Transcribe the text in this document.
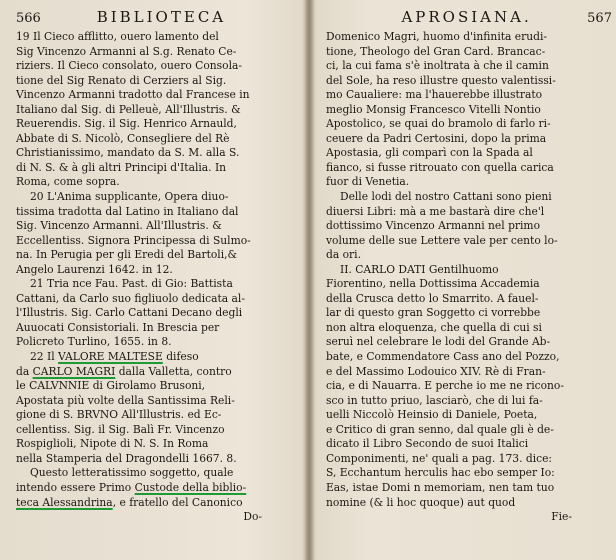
566	BIBLIOTECA
19 Il Cieco afflitto, ouero lamento del
Sig Vincenzo Armanni al S.g. Renato Ce-
riziers. Il Cieco consolato, ouero Consola-
tione del Sig Renato di Cerziers al Sig.
Vincenzo Armanni tradotto dal Francese in
Italiano dal Sig. di Pelleuè, All'Illustris. &
Reuerendis. Sig. il Sig. Henrico Arnauld,
Abbate di S. Nicolò, Consegliere del Rè
Christianissimo, mandato da S. M. alla S.
di N. S. & à gli altri Principi d'Italia. In
Roma, come sopra.
20 L'Anima supplicante, Opera diuo-
tissima tradotta dal Latino in Italiano dal
Sig. Vincenzo Armanni. All'Illustris. &
Eccellentiss. Signora Principessa di Sulmo-
na. In Perugia per gli Eredi del Bartoli,&
Angelo Laurenzi 1642. in 12.
21 Tria nce Fau. Past. di Gio: Battista
Cattani, da Carlo suo figliuolo dedicata al-
l'Illustris. Sig. Carlo Cattani Decano degli
Auuocati Consistoriali. In Brescia per
Policreto Turlino, 1655. in 8.
22 Il VALORE MALTESE difeso
da CARLO MAGRI dalla Valletta, contro
le CALVNNIE di Girolamo Brusoni,
Apostata più volte della Santissima Reli-
gione di S. BRVNO All'Illustris. ed Ec-
cellentiss. Sig. il Sig. Balì Fr. Vincenzo
Rospiglioli, Nipote di N. S. In Roma
nella Stamperia del Dragondelli 1667. 8.
Questo letteratissimo soggetto, quale
intendo essere Primo Custode della biblio-
teca Alessandrina, e fratello del Canonico
Do-
APROSIANA.	567
Domenico Magri, huomo d'infinita erudi-
tione, Theologo del Gran Card. Brancac-
ci, la cui fama s'è inoltrata à che il camin
del Sole, ha reso illustre questo valentissi-
mo Caualiere: ma l'hauerebbe illustrato
meglio Monsig Francesco Vitelli Nontio
Apostolico, se quai do bramolo di farlo ri-
ceuere da Padri Certosini, dopo la prima
Apostasia, gli comparì con la Spada al
fianco, si fusse ritrouato con quella carica
fuor di Venetia.
Delle lodi del nostro Cattani sono pieni
diuersi Libri: mà a me bastarà dire che'l
dottissimo Vincenzo Armanni nel primo
volume delle sue Lettere vale per cento lo-
da ori.
II. CARLO DATI Gentilhuomo
Fiorentino, nella Dottissima Accademia
della Crusca detto lo Smarrito. A fauel-
lar di questo gran Soggetto ci vorrebbe
non altra eloquenza, che quella di cui si
seruì nel celebrare le lodi del Grande Ab-
bate, e Commendatore Cass ano del Pozzo,
e del Massimo Lodouico XIV. Rè di Fran-
cia, e di Nauarra. E perche io me ne ricono-
sco in tutto priuo, lasciarò, che di lui fa-
uelli Niccolò Heinsio di Daniele, Poeta,
e Critico di gran senno, dal quale gli è de-
dicato il Libro Secondo de suoi Italici
Componimenti, ne' quali a pag. 173. dice:
S, Ecchantum herculis hac ebo semper Io:
Eas, istae Domi n memoriam, nen tam tuo
nomine (& li hoc quoque) aut quod
Fie-
